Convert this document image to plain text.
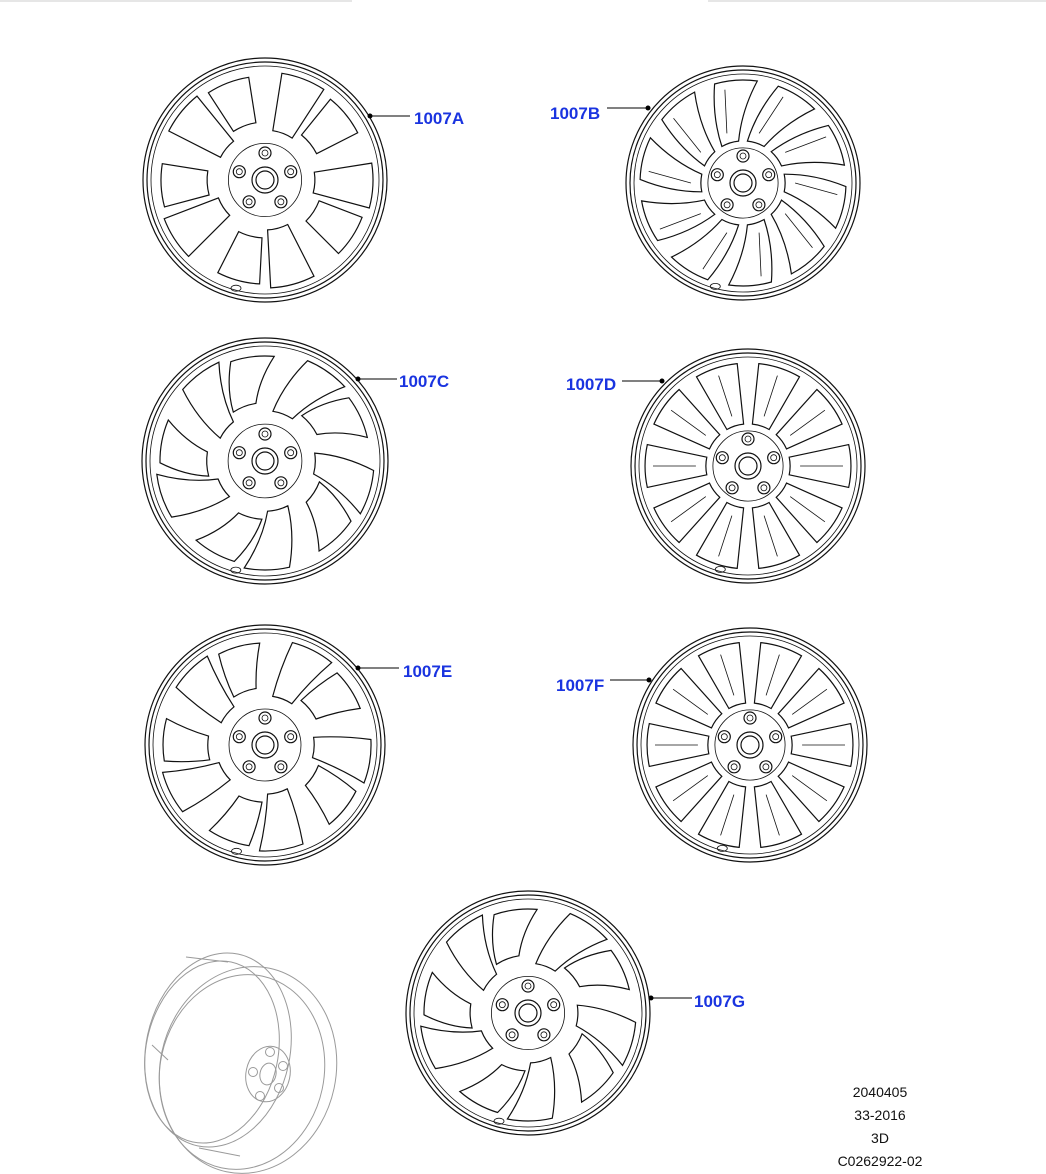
1007A	1007B
1007C	1007D
1007E
1007F
1007G
2040405
33-2016
3D
C0262922-02
